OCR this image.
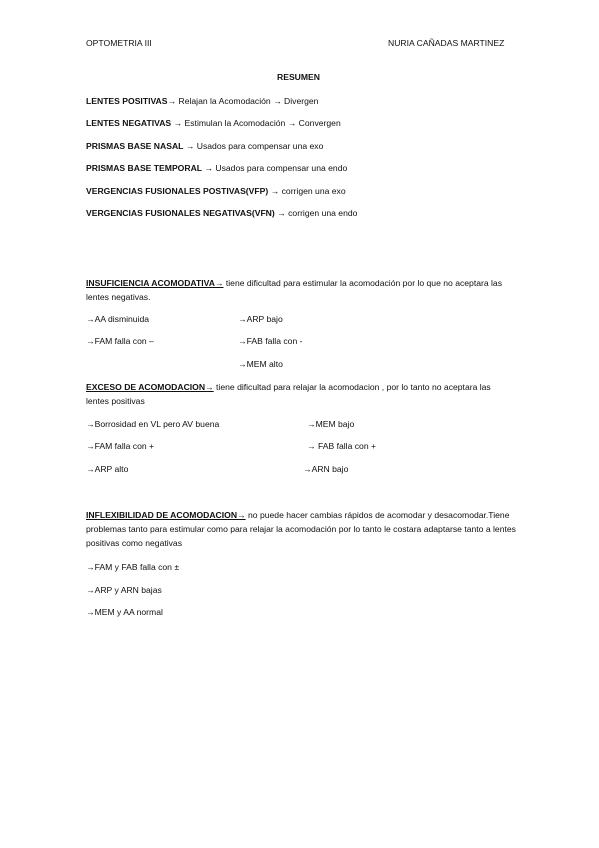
OPTOMETRIA III	NURIA CAÑADAS MARTINEZ
RESUMEN
LENTES POSITIVAS→ Relajan la Acomodación → Divergen
LENTES NEGATIVAS → Estimulan la Acomodación → Convergen
PRISMAS BASE NASAL → Usados para compensar una exo
PRISMAS BASE TEMPORAL → Usados para compensar una endo
VERGENCIAS FUSIONALES POSTIVAS(VFP) → corrigen una exo
VERGENCIAS FUSIONALES NEGATIVAS(VFN) → corrigen una endo
INSUFICIENCIA ACOMODATIVA→ tiene dificultad para estimular la acomodación por lo que no aceptara las lentes negativas.
→AA disminuida	→ARP bajo
→FAM falla con –	→FAB falla con -
→MEM alto
EXCESO DE ACOMODACION→ tiene dificultad para relajar la acomodacion , por lo tanto no aceptara las lentes positivas
→Borrosidad en VL pero AV buena	→MEM bajo
→FAM falla con +	→ FAB falla con +
→ARP alto	→ARN bajo
INFLEXIBILIDAD DE ACOMODACION→ no puede hacer cambias rápidos de acomodar y desacomodar.Tiene problemas tanto para estimular como para relajar la acomodación por lo tanto le costara adaptarse tanto a lentes positivas como negativas
→FAM y FAB falla con ±
→ARP y ARN bajas
→MEM y AA normal
